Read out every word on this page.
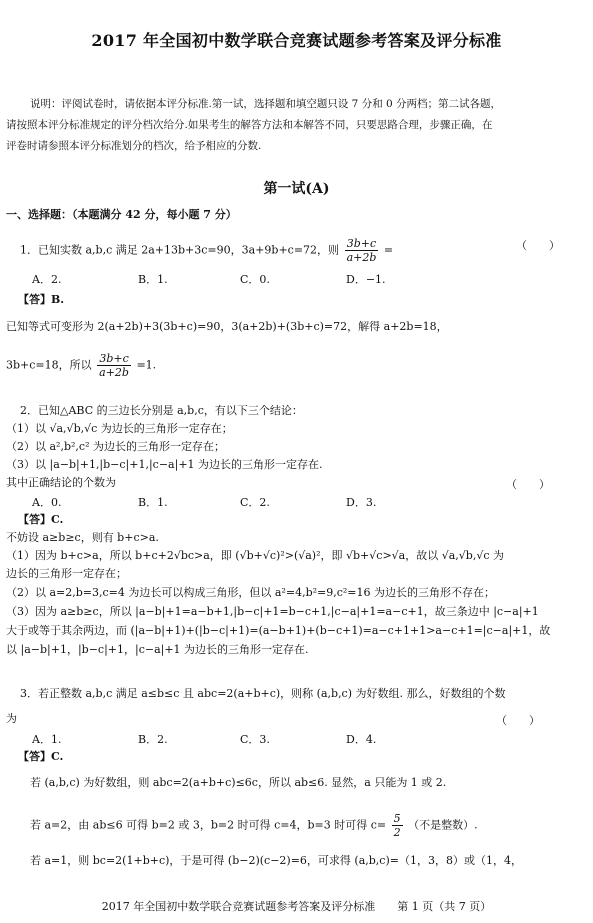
2017 年全国初中数学联合竞赛试题参考答案及评分标准
说明：评阅试卷时，请依据本评分标准.第一试，选择题和填空题只设 7 分和 0 分两档；第二试各题，
请按照本评分标准规定的评分档次给分.如果考生的解答方法和本解答不同，只要思路合理，步骤正确，在
评卷时请参照本评分标准划分的档次，给予相应的分数.
第一试(A)
一、选择题：（本题满分 42 分，每小题 7 分）
1．已知实数 a,b,c 满足 2a+13b+3c=90，3a+9b+c=72，则 $\frac{3b+c}{a+2b}$ =	（　　）
A．2.	B．1.	C．0.	D．−1.
【答】B.
已知等式可变形为 2(a+2b)+3(3b+c)=90，3(a+2b)+(3b+c)=72，解得 a+2b=18，
3b+c=18，所以 $\frac{3b+c}{a+2b} =1$.
2．已知△ABC 的三边长分别是 a,b,c，有以下三个结论：
（1）以 √a,√b,√c 为边长的三角形一定存在；
（2）以 a²,b²,c² 为边长的三角形一定存在；
（3）以 |a−b|+1,|b−c|+1,|c−a|+1 为边长的三角形一定存在.
其中正确结论的个数为	（　　）
A．0.	B．1.	C．2.	D．3.
【答】C.
不妨设 a≥b≥c，则有 b+c>a.
（1）因为 b+c>a，所以 b+c+2√bc>a，即 (√b+√c)²>(√a)²，即 √b+√c>√a，故以 √a,√b,√c 为
边长的三角形一定存在；
（2）以 a=2,b=3,c=4 为边长可以构成三角形，但以 a²=4,b²=9,c²=16 为边长的三角形不存在；
（3）因为 a≥b≥c，所以 |a−b|+1=a−b+1,|b−c|+1=b−c+1,|c−a|+1=a−c+1，故三条边中 |c−a|+1
大于或等于其余两边，而 (|a−b|+1)+(|b−c|+1)=(a−b+1)+(b−c+1)=a−c+1+1>a−c+1=|c−a|+1，故
以 |a−b|+1，|b−c|+1，|c−a|+1 为边长的三角形一定存在.
3．若正整数 a,b,c 满足 a≤b≤c 且 abc=2(a+b+c)，则称 (a,b,c) 为好数组. 那么，好数组的个数
为	（　　）
A．1.	B．2.	C．3.	D．4.
【答】C.
若 (a,b,c) 为好数组，则 abc=2(a+b+c)≤6c，所以 ab≤6. 显然，a 只能为 1 或 2.
若 a=2，由 ab≤6 可得 b=2 或 3，b=2 时可得 c=4，b=3 时可得 $c= \frac{5}{2}$ （不是整数）.
若 a=1，则 bc=2(1+b+c)，于是可得 (b−2)(c−2)=6，可求得 (a,b,c)=（1，3，8）或（1，4，
2017 年全国初中数学联合竞赛试题参考答案及评分标准　　第 1 页（共 7 页）
